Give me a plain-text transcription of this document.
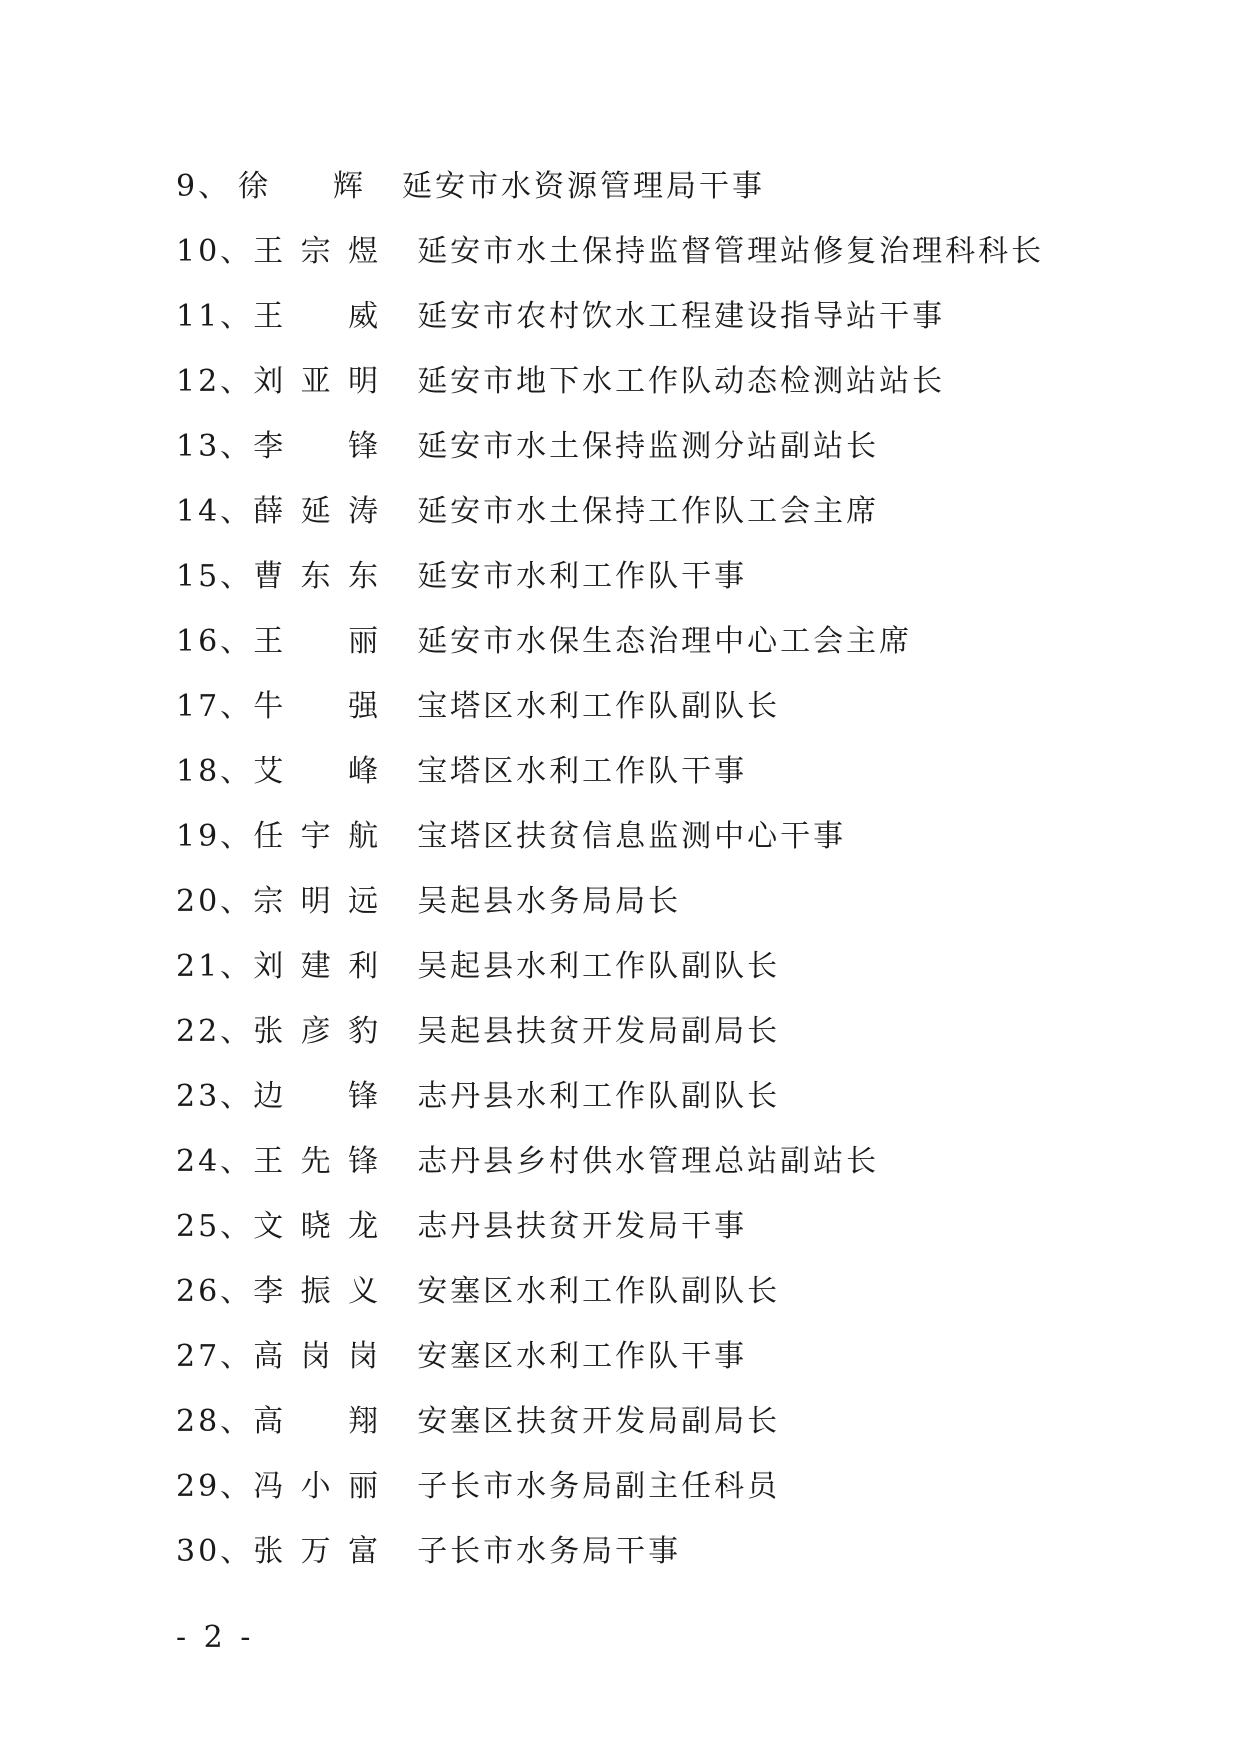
9、 徐　辉 延安市水资源管理局干事
10、 王宗煜 延安市水土保持监督管理站修复治理科科长
11、 王　威 延安市农村饮水工程建设指导站干事
12、 刘亚明 延安市地下水工作队动态检测站站长
13、 李　锋 延安市水土保持监测分站副站长
14、 薛延涛 延安市水土保持工作队工会主席
15、 曹东东 延安市水利工作队干事
16、 王　丽 延安市水保生态治理中心工会主席
17、 牛　强 宝塔区水利工作队副队长
18、 艾　峰 宝塔区水利工作队干事
19、 任宇航 宝塔区扶贫信息监测中心干事
20、 宗明远 吴起县水务局局长
21、 刘建利 吴起县水利工作队副队长
22、 张彦豹 吴起县扶贫开发局副局长
23、 边　锋 志丹县水利工作队副队长
24、 王先锋 志丹县乡村供水管理总站副站长
25、 文晓龙 志丹县扶贫开发局干事
26、 李振义 安塞区水利工作队副队长
27、 高岗岗 安塞区水利工作队干事
28、 高　翔 安塞区扶贫开发局副局长
29、 冯小丽 子长市水务局副主任科员
30、 张万富 子长市水务局干事
- 2 -
